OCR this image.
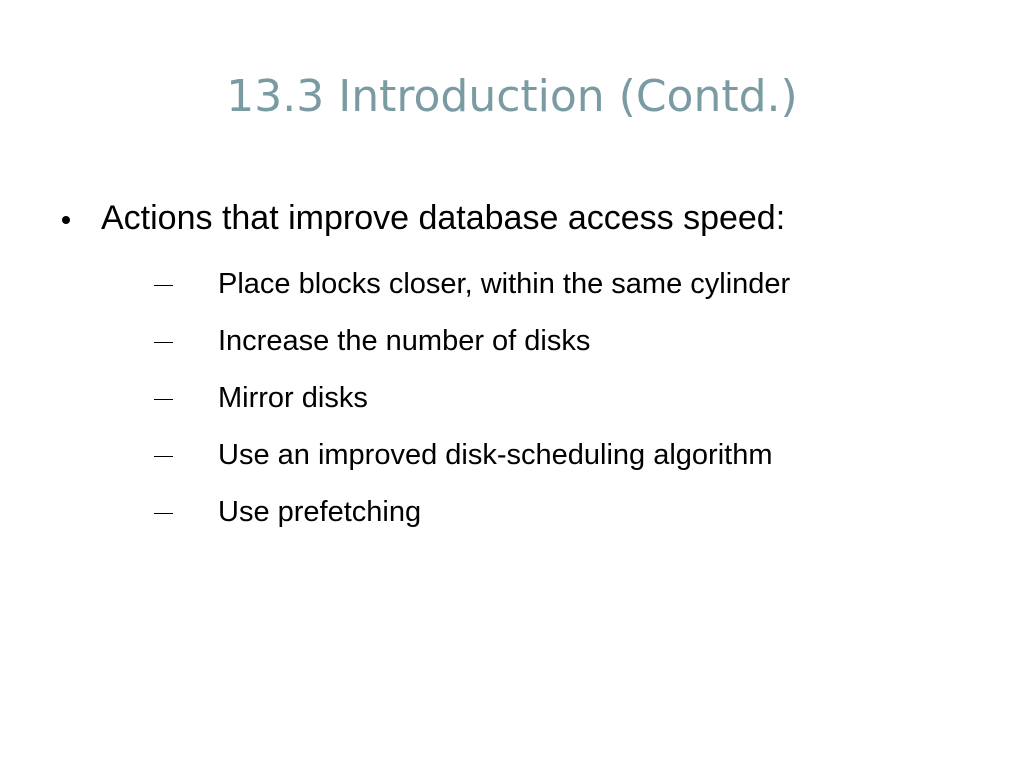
13.3 Introduction (Contd.)
Actions that improve database access speed:
Place blocks closer, within the same cylinder
Increase the number of disks
Mirror disks
Use an improved disk-scheduling algorithm
Use prefetching
